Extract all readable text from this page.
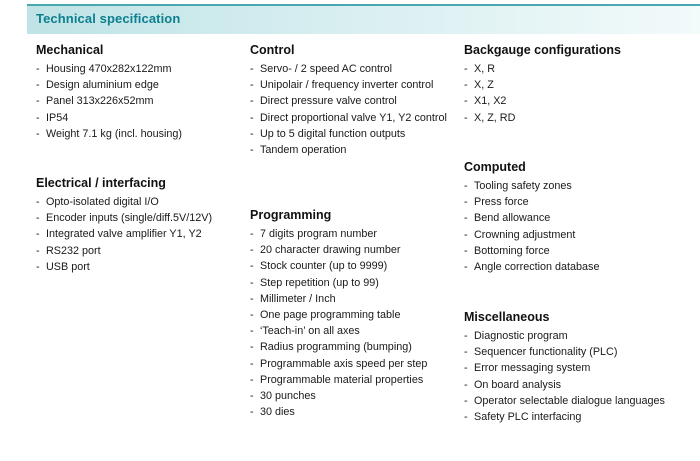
Technical specification
Mechanical
- Housing 470x282x122mm
- Design aluminium edge
- Panel 313x226x52mm
- IP54
- Weight 7.1 kg (incl. housing)
Electrical / interfacing
- Opto-isolated digital I/O
- Encoder inputs (single/diff.5V/12V)
- Integrated valve amplifier Y1, Y2
- RS232 port
- USB port
Control
- Servo- / 2 speed AC control
- Unipolair / frequency inverter control
- Direct pressure valve control
- Direct proportional valve Y1, Y2 control
- Up to 5 digital function outputs
- Tandem operation
Programming
- 7 digits program number
- 20 character drawing number
- Stock counter (up to 9999)
- Step repetition (up to 99)
- Millimeter / Inch
- One page programming table
- ‘Teach-in’ on all axes
- Radius programming (bumping)
- Programmable axis speed per step
- Programmable material properties
- 30 punches
- 30 dies
Backgauge configurations
- X, R
- X, Z
- X1, X2
- X, Z, RD
Computed
- Tooling safety zones
- Press force
- Bend allowance
- Crowning adjustment
- Bottoming force
- Angle correction database
Miscellaneous
- Diagnostic program
- Sequencer functionality (PLC)
- Error messaging system
- On board analysis
- Operator selectable dialogue languages
- Safety PLC interfacing
